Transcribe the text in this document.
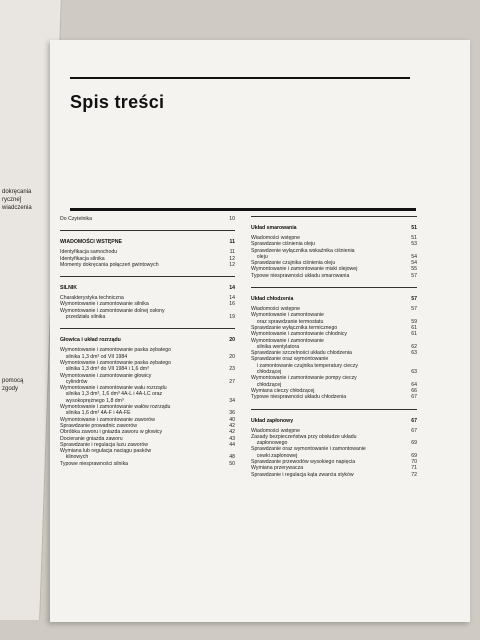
dokręcania
ryczne]
wiadczenia
pomocą
zgody
Spis treści
Do Czytelnika	10
WIADOMOŚCI WSTĘPNE	11
Identyfikacja samochodu	11
Identyfikacja silnika	12
Momenty dokręcania połączeń gwintowych	12
SILNIK	14
Charakterystyka techniczna	14
Wymontowanie i zamontowanie silnika	16
Wymontowanie i zamontowanie dolnej osłony
przedziału silnika	19
Głowica i układ rozrządu	20
Wymontowanie i zamontowanie paska zębatego
silnika 1,3 dm³ od VII 1984	20
Wymontowanie i zamontowanie paska zębatego
silnika 1,3 dm³ do VII 1984 i 1,6 dm³	23
Wymontowanie i zamontowanie głowicy
cylindrów	27
Wymontowanie i zamontowanie wału rozrządu
silnika 1,3 dm³, 1,6 dm³ 4A-L i 4A-LC oraz
wysokoprężnego 1,8 dm³	34
Wymontowanie i zamontowanie wałów rozrządu
silnika 1,6 dm³ 4A-F i 4A-FE	36
Wymontowanie i zamontowanie zaworów	40
Sprawdzanie prowadnic zaworów	42
Obróbka zaworu i gniazda zaworu w głowicy	42
Docieranie gniazda zaworu	43
Sprawdzanie i regulacja luzu zaworów	44
Wymiana lub regulacja naciągu pasków
klinowych	48
Typowe niesprawności silnika	50
Układ smarowania	51
Wiadomości wstępne	51
Sprawdzanie ciśnienia oleju	53
Sprawdzenie wyłącznika wskaźnika ciśnienia
oleju	54
Sprawdzanie czujnika ciśnienia oleju	54
Wymontowanie i zamontowanie miski olejowej	55
Typowe niesprawności układu smarowania	57
Układ chłodzenia	57
Wiadomości wstępne	57
Wymontowanie i zamontowanie
oraz sprawdzanie termostatu	59
Sprawdzanie wyłącznika termicznego	61
Wymontowanie i zamontowanie chłodnicy	61
Wymontowanie i zamontowanie
silnika wentylatora	62
Sprawdzanie szczelności układu chłodzenia	63
Sprawdzanie oraz wymontowanie
i zamontowanie czujnika temperatury cieczy
chłodzącej	63
Wymontowanie i zamontowanie pompy cieczy
chłodzącej	64
Wymiana cieczy chłodzącej	66
Typowe niesprawności układu chłodzenia	67
Układ zapłonowy	67
Wiadomości wstępne	67
Zasady bezpieczeństwa przy obsłudze układu
zapłonowego	69
Sprawdzanie oraz wymontowanie i zamontowanie
cewki zapłonowej	69
Sprawdzanie przewodów wysokiego napięcia	70
Wymiana przerywacza	71
Sprawdzanie i regulacja kąta zwarcia styków	72
